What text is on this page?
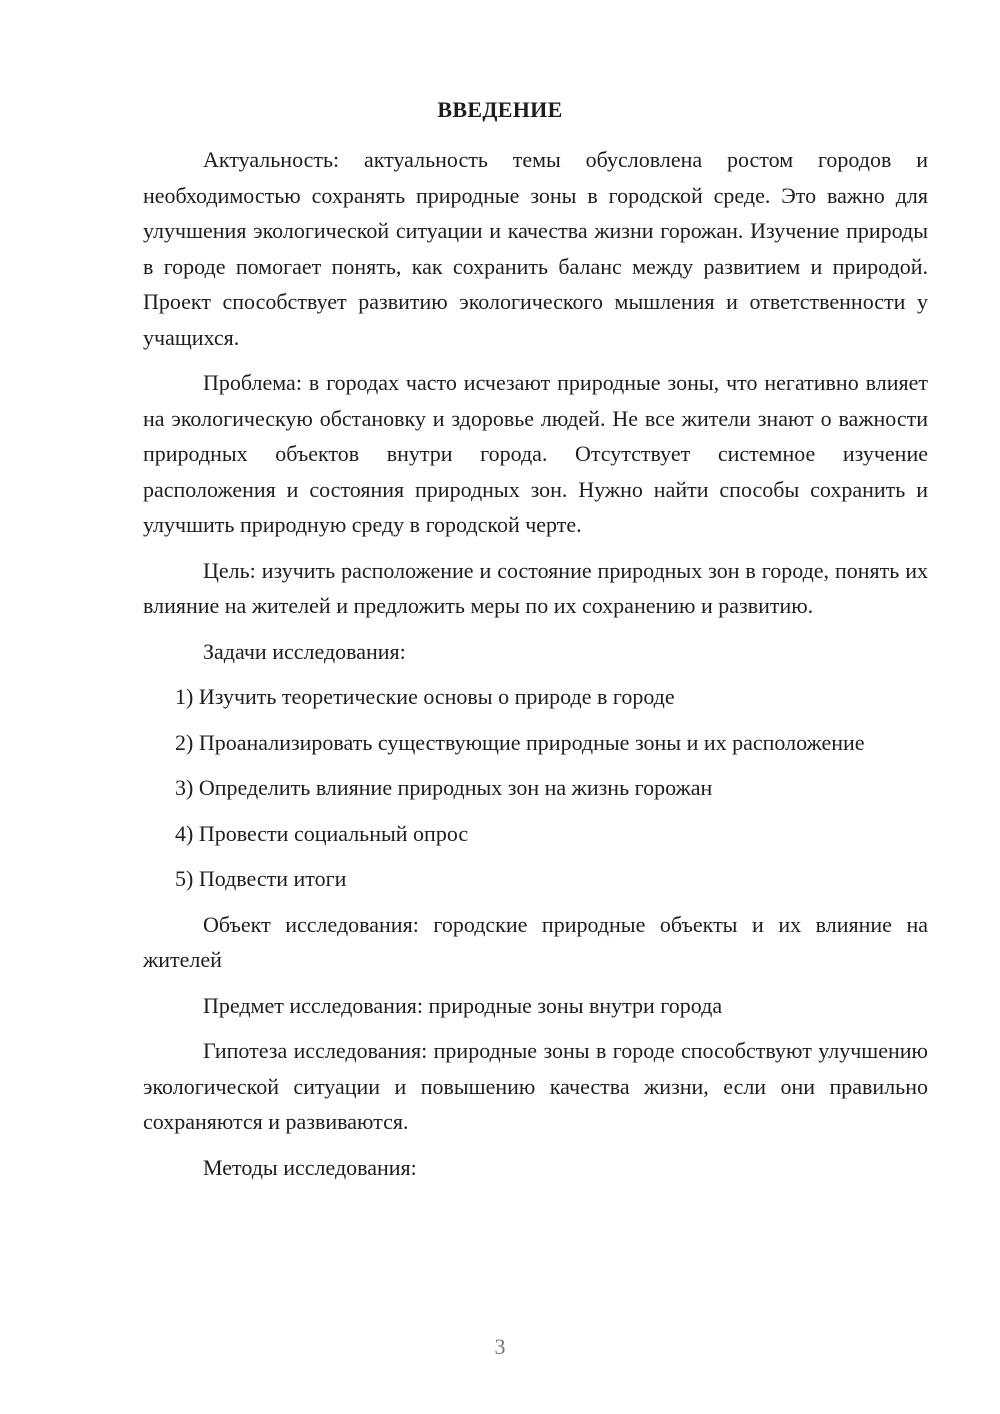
ВВЕДЕНИЕ

Актуальность: актуальность темы обусловлена ростом городов и необходимостью сохранять природные зоны в городской среде. Это важно для улучшения экологической ситуации и качества жизни горожан. Изучение природы в городе помогает понять, как сохранить баланс между развитием и природой. Проект способствует развитию экологического мышления и ответственности у учащихся.

Проблема: в городах часто исчезают природные зоны, что негативно влияет на экологическую обстановку и здоровье людей. Не все жители знают о важности природных объектов внутри города. Отсутствует системное изучение расположения и состояния природных зон. Нужно найти способы сохранить и улучшить природную среду в городской черте.

Цель: изучить расположение и состояние природных зон в городе, понять их влияние на жителей и предложить меры по их сохранению и развитию.

Задачи исследования:

1) Изучить теоретические основы о природе в городе

2) Проанализировать существующие природные зоны и их расположение

3) Определить влияние природных зон на жизнь горожан

4) Провести социальный опрос

5) Подвести итоги

Объект исследования: городские природные объекты и их влияние на жителей

Предмет исследования: природные зоны внутри города

Гипотеза исследования: природные зоны в городе способствуют улучшению экологической ситуации и повышению качества жизни, если они правильно сохраняются и развиваются.

Методы исследования:

3
